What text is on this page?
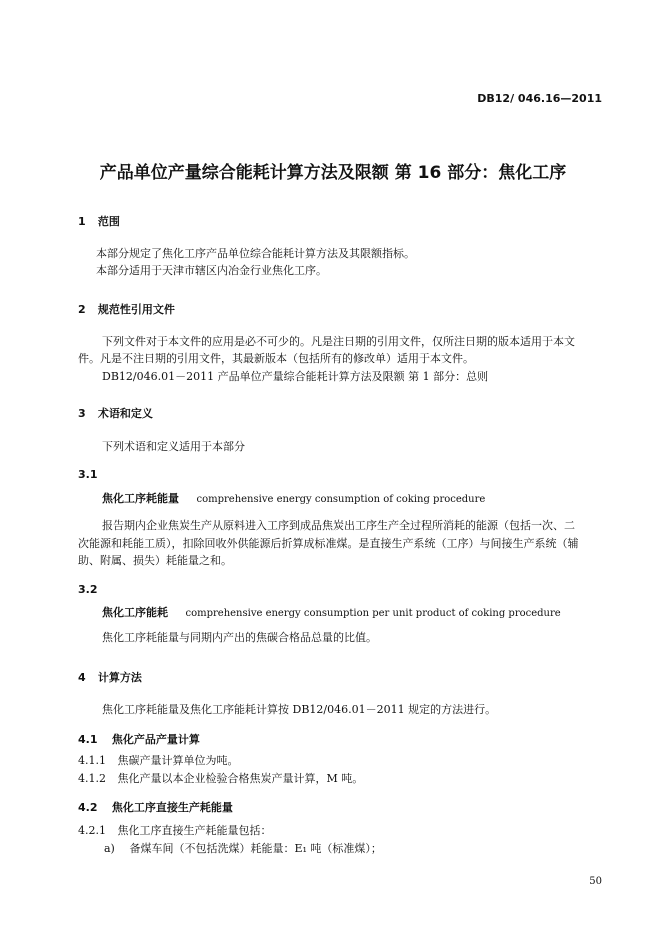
DB12/ 046.16—2011
产品单位产量综合能耗计算方法及限额 第 16 部分：焦化工序
1 范围
本部分规定了焦化工序产品单位综合能耗计算方法及其限额指标。
本部分适用于天津市辖区内冶金行业焦化工序。
2 规范性引用文件
下列文件对于本文件的应用是必不可少的。凡是注日期的引用文件，仅所注日期的版本适用于本文
件。凡是不注日期的引用文件，其最新版本（包括所有的修改单）适用于本文件。
DB12/046.01－2011 产品单位产量综合能耗计算方法及限额 第 1 部分：总则
3 术语和定义
下列术语和定义适用于本部分
3.1
焦化工序耗能量 comprehensive energy consumption of coking procedure
报告期内企业焦炭生产从原料进入工序到成品焦炭出工序生产全过程所消耗的能源（包括一次、二
次能源和耗能工质），扣除回收外供能源后折算成标准煤。是直接生产系统（工序）与间接生产系统（辅
助、附属、损失）耗能量之和。
3.2
焦化工序能耗 comprehensive energy consumption per unit product of coking procedure
焦化工序耗能量与同期内产出的焦碳合格品总量的比值。
4 计算方法
焦化工序耗能量及焦化工序能耗计算按 DB12/046.01－2011 规定的方法进行。
4.1 焦化产品产量计算
4.1.1 焦碳产量计算单位为吨。
4.1.2 焦化产量以本企业检验合格焦炭产量计算，M 吨。
4.2 焦化工序直接生产耗能量
4.2.1 焦化工序直接生产耗能量包括：
a) 备煤车间（不包括洗煤）耗能量：E₁ 吨（标准煤）；
50
